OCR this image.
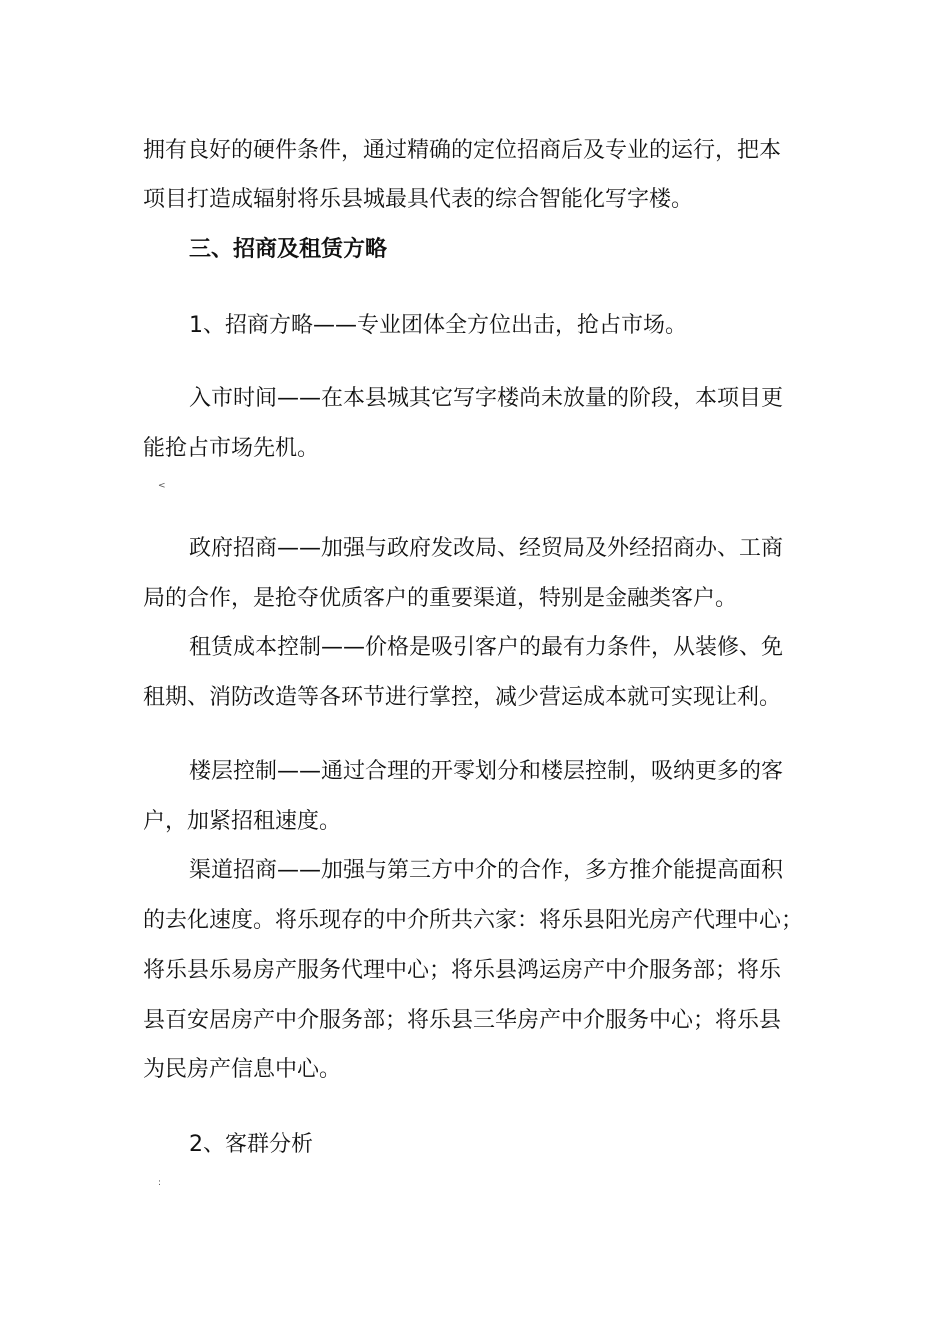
拥有良好的硬件条件，通过精确的定位招商后及专业的运行，把本
项目打造成辐射将乐县城最具代表的综合智能化写字楼。
三、招商及租赁方略
1、招商方略——专业团体全方位出击，抢占市场。
入市时间——在本县城其它写字楼尚未放量的阶段，本项目更
能抢占市场先机。
<
政府招商——加强与政府发改局、经贸局及外经招商办、工商
局的合作，是抢夺优质客户的重要渠道，特别是金融类客户。
租赁成本控制——价格是吸引客户的最有力条件，从装修、免
租期、消防改造等各环节进行掌控，减少营运成本就可实现让利。
楼层控制——通过合理的开零划分和楼层控制，吸纳更多的客
户，加紧招租速度。
渠道招商——加强与第三方中介的合作，多方推介能提高面积
的去化速度。将乐现存的中介所共六家：将乐县阳光房产代理中心；
将乐县乐易房产服务代理中心；将乐县鸿运房产中介服务部；将乐
县百安居房产中介服务部；将乐县三华房产中介服务中心；将乐县
为民房产信息中心。
2、客群分析
:
